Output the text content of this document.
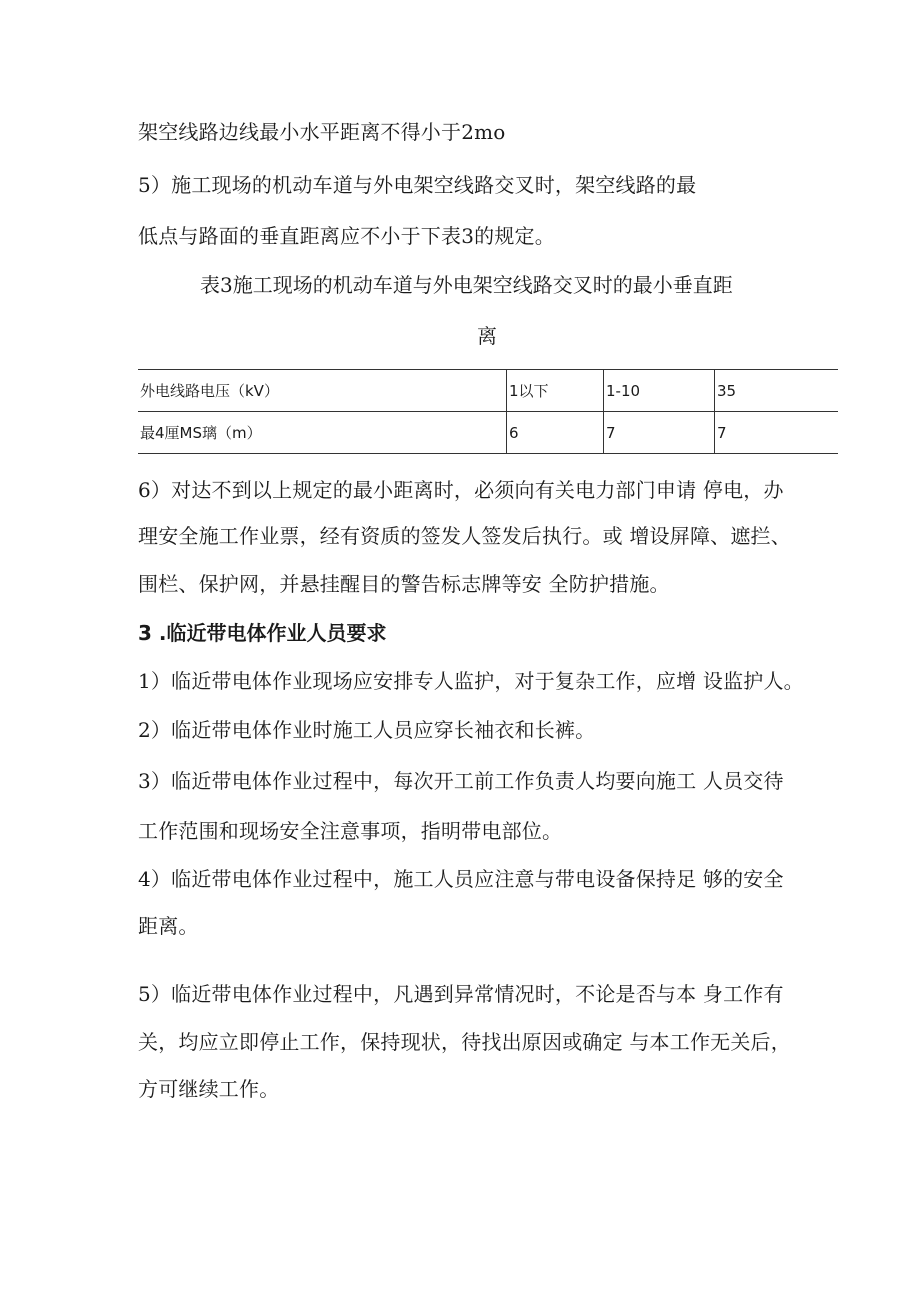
架空线路边线最小水平距离不得小于2mo
5）施工现场的机动车道与外电架空线路交叉时，架空线路的最
低点与路面的垂直距离应不小于下表3的规定。
表3施工现场的机动车道与外电架空线路交叉时的最小垂直距
离
外电线路电压（kV）	1以下	1-10	35
最4厘MS璃（m）	6	7	7
6）对达不到以上规定的最小距离时，必须向有关电力部门申请 停电，办
理安全施工作业票，经有资质的签发人签发后执行。或 增设屏障、遮拦、
围栏、保护网，并悬挂醒目的警告标志牌等安 全防护措施。
3 .临近带电体作业人员要求
1）临近带电体作业现场应安排专人监护，对于复杂工作，应增 设监护人。
2）临近带电体作业时施工人员应穿长袖衣和长裤。
3）临近带电体作业过程中，每次开工前工作负责人均要向施工 人员交待
工作范围和现场安全注意事项，指明带电部位。
4）临近带电体作业过程中，施工人员应注意与带电设备保持足 够的安全
距离。
5）临近带电体作业过程中，凡遇到异常情况时，不论是否与本 身工作有
关，均应立即停止工作，保持现状，待找出原因或确定 与本工作无关后，
方可继续工作。
